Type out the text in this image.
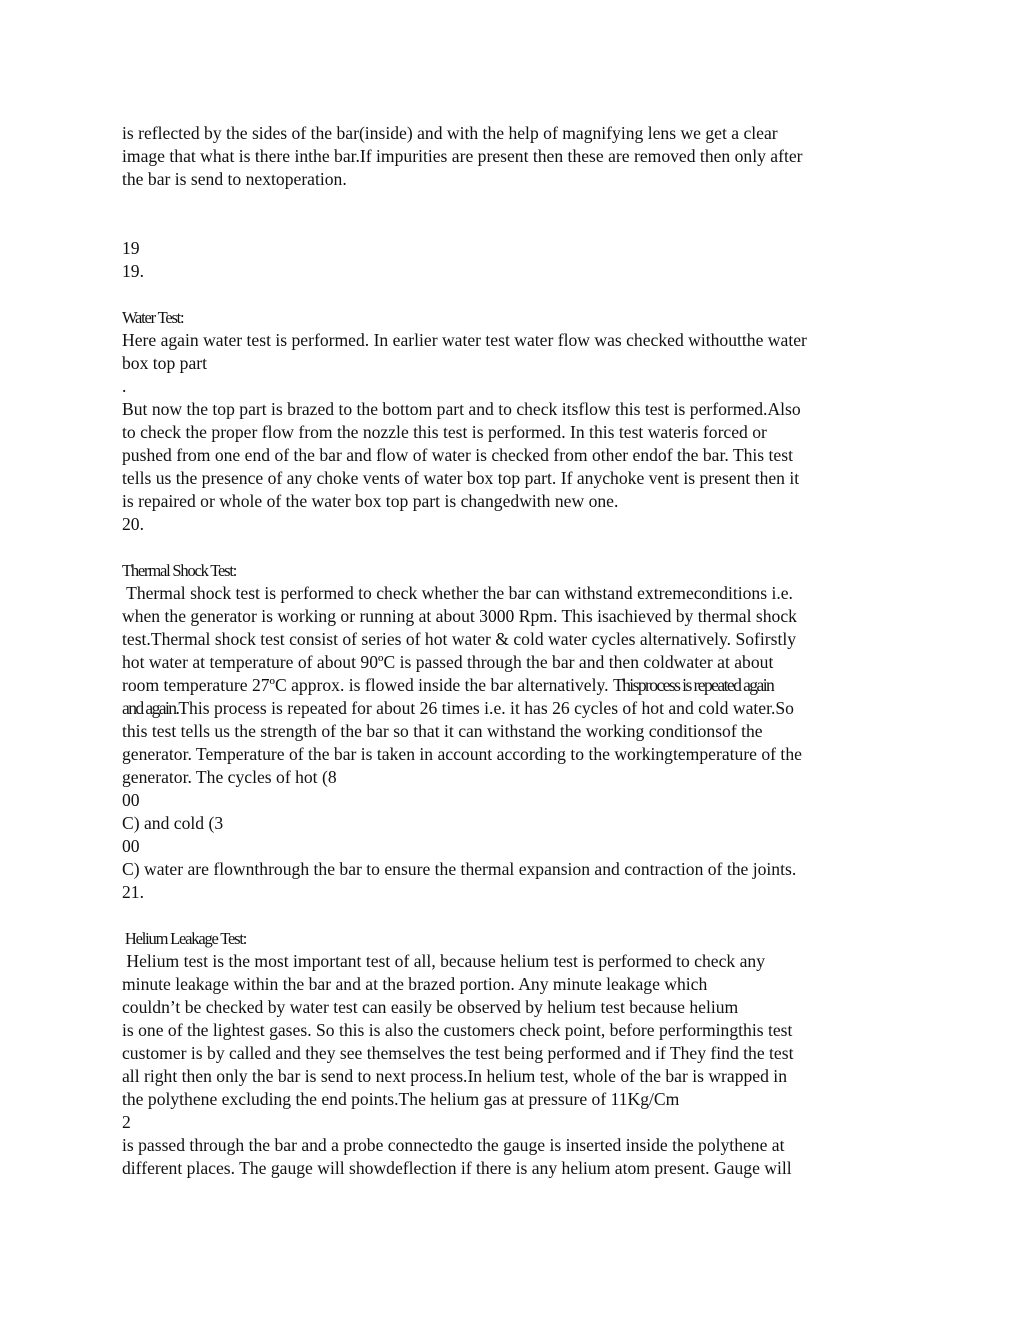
is reflected by the sides of the bar(inside) and with the help of magnifying lens we get a clear
image that what is there inthe bar.If impurities are present then these are removed then only after
the bar is send to nextoperation.
19
19.
Water Test:
Here again water test is performed. In earlier water test water flow was checked withoutthe water
box top part
.
But now the top part is brazed to the bottom part and to check itsflow this test is performed.Also
to check the proper flow from the nozzle this test is performed. In this test wateris forced or
pushed from one end of the bar and flow of water is checked from other endof the bar. This test
tells us the presence of any choke vents of water box top part. If anychoke vent is present then it
is repaired or whole of the water box top part is changedwith new one.
20.
Thermal Shock Test:
Thermal shock test is performed to check whether the bar can withstand extremeconditions i.e.
when the generator is working or running at about 3000 Rpm. This isachieved by thermal shock
test.Thermal shock test consist of series of hot water & cold water cycles alternatively. Sofirstly
hot water at temperature of about 90ºC is passed through the bar and then coldwater at about
room temperature 27ºC approx. is flowed inside the bar alternatively. Thisprocess is repeated again
and again.This process is repeated for about 26 times i.e. it has 26 cycles of hot and cold water.So
this test tells us the strength of the bar so that it can withstand the working conditionsof the
generator. Temperature of the bar is taken in account according to the workingtemperature of the
generator. The cycles of hot (8
00
C) and cold (3
00
C) water are flownthrough the bar to ensure the thermal expansion and contraction of the joints.
21.
Helium Leakage Test:
Helium test is the most important test of all, because helium test is performed to check any
minute leakage within the bar and at the brazed portion. Any minute leakage which
couldn’t be checked by water test can easily be observed by helium test because helium
is one of the lightest gases. So this is also the customers check point, before performingthis test
customer is by called and they see themselves the test being performed and if They find the test
all right then only the bar is send to next process.In helium test, whole of the bar is wrapped in
the polythene excluding the end points.The helium gas at pressure of 11Kg/Cm
2
is passed through the bar and a probe connectedto the gauge is inserted inside the polythene at
different places. The gauge will showdeflection if there is any helium atom present. Gauge will
